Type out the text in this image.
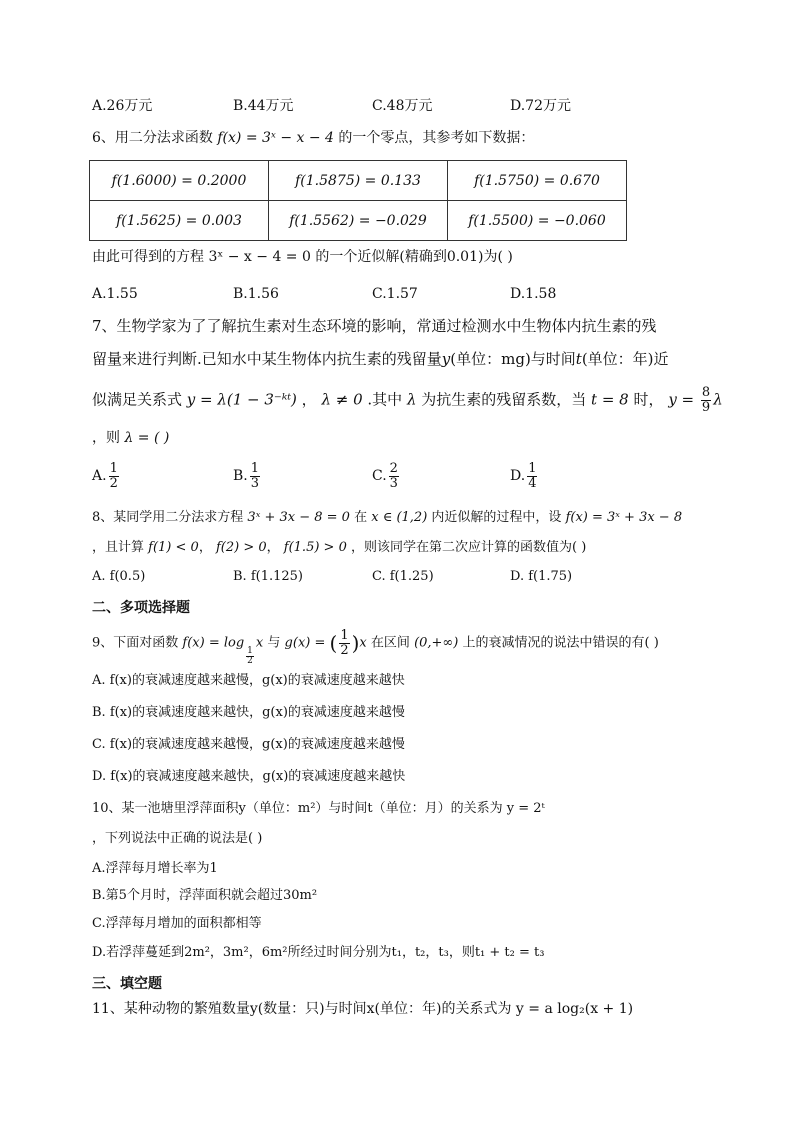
A.26万元	B.44万元	C.48万元	D.72万元
6、用二分法求函数 f(x) = 3ˣ − x − 4 的一个零点，其参考如下数据：
f(1.6000) = 0.2000	f(1.5875) = 0.133	f(1.5750) = 0.670
f(1.5625) = 0.003	f(1.5562) = −0.029	f(1.5500) = −0.060
由此可得到的方程 3ˣ − x − 4 = 0 的一个近似解(精确到0.01)为( )
A.1.55	B.1.56	C.1.57	D.1.58
7、生物学家为了了解抗生素对生态环境的影响，常通过检测水中生物体内抗生素的残
留量来进行判断.已知水中某生物体内抗生素的残留量y(单位：mg)与时间t(单位：年)近
似满足关系式 y = λ(1 − 3⁻ᵏᵗ) ， λ ≠ 0 .其中 λ 为抗生素的残留系数，当 t = 8 时， $y = \frac{8}{9}$ λ
，则 λ = ( )
A. $\frac{1}{2}$	B. $\frac{1}{3}$	C. $\frac{2}{3}$	D. $\frac{1}{4}$
8、某同学用二分法求方程 3ˣ + 3x − 8 = 0 在 x ∈ (1,2) 内近似解的过程中，设 f(x) = 3ˣ + 3x − 8
，且计算 f(1) < 0， f(2) > 0， f(1.5) > 0 ，则该同学在第二次应计算的函数值为( )
A. f(0.5)	B. f(1.125)	C. f(1.25)	D. f(1.75)
二、多项选择题
9、下面对函数 f(x) = log
$\frac{1}{2}$
x 与 g(x) = ( $\frac{1}{2} )x$ 在区间 (0,+∞) 上的衰减情况的说法中错误的有( )
A. f(x)的衰减速度越来越慢，g(x)的衰减速度越来越快
B. f(x)的衰减速度越来越快，g(x)的衰减速度越来越慢
C. f(x)的衰减速度越来越慢，g(x)的衰减速度越来越慢
D. f(x)的衰减速度越来越快，g(x)的衰减速度越来越快
10、某一池塘里浮萍面积y（单位：m²）与时间t（单位：月）的关系为 y = 2ᵗ
，下列说法中正确的说法是( )
A.浮萍每月增长率为1
B.第5个月时，浮萍面积就会超过30m²
C.浮萍每月增加的面积都相等
D.若浮萍蔓延到2m²，3m²，6m²所经过时间分别为t₁，t₂，t₃，则t₁ + t₂ = t₃
三、填空题
11、某种动物的繁殖数量y(数量：只)与时间x(单位：年)的关系式为 y = a log₂(x + 1)
